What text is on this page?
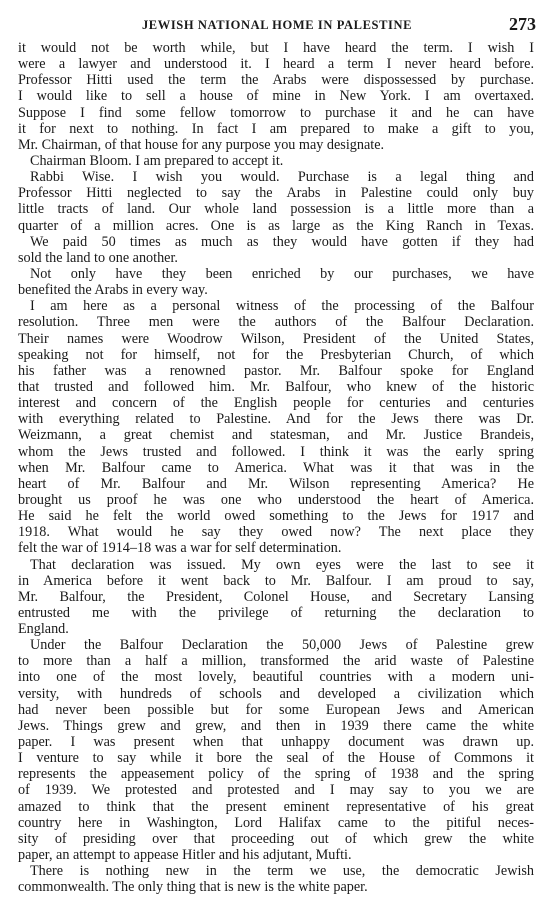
JEWISH NATIONAL HOME IN PALESTINE	273
it would not be worth while, but I have heard the term. I wish I
were a lawyer and understood it. I heard a term I never heard before.
Professor Hitti used the term the Arabs were dispossessed by purchase.
I would like to sell a house of mine in New York. I am overtaxed.
Suppose I find some fellow tomorrow to purchase it and he can have
it for next to nothing. In fact I am prepared to make a gift to you,
Mr. Chairman, of that house for any purpose you may designate.
Chairman Bloom. I am prepared to accept it.
Rabbi Wise. I wish you would. Purchase is a legal thing and
Professor Hitti neglected to say the Arabs in Palestine could only buy
little tracts of land. Our whole land possession is a little more than a
quarter of a million acres. One is as large as the King Ranch in Texas.
We paid 50 times as much as they would have gotten if they had
sold the land to one another.
Not only have they been enriched by our purchases, we have
benefited the Arabs in every way.
I am here as a personal witness of the processing of the Balfour
resolution. Three men were the authors of the Balfour Declaration.
Their names were Woodrow Wilson, President of the United States,
speaking not for himself, not for the Presbyterian Church, of which
his father was a renowned pastor. Mr. Balfour spoke for England
that trusted and followed him. Mr. Balfour, who knew of the historic
interest and concern of the English people for centuries and centuries
with everything related to Palestine. And for the Jews there was Dr.
Weizmann, a great chemist and statesman, and Mr. Justice Brandeis,
whom the Jews trusted and followed. I think it was the early spring
when Mr. Balfour came to America. What was it that was in the
heart of Mr. Balfour and Mr. Wilson representing America? He
brought us proof he was one who understood the heart of America.
He said he felt the world owed something to the Jews for 1917 and
1918. What would he say they owed now? The next place they
felt the war of 1914–18 was a war for self determination.
That declaration was issued. My own eyes were the last to see it
in America before it went back to Mr. Balfour. I am proud to say,
Mr. Balfour, the President, Colonel House, and Secretary Lansing
entrusted me with the privilege of returning the declaration to
England.
Under the Balfour Declaration the 50,000 Jews of Palestine grew
to more than a half a million, transformed the arid waste of Palestine
into one of the most lovely, beautiful countries with a modern uni-
versity, with hundreds of schools and developed a civilization which
had never been possible but for some European Jews and American
Jews. Things grew and grew, and then in 1939 there came the white
paper. I was present when that unhappy document was drawn up.
I venture to say while it bore the seal of the House of Commons it
represents the appeasement policy of the spring of 1938 and the spring
of 1939. We protested and protested and I may say to you we are
amazed to think that the present eminent representative of his great
country here in Washington, Lord Halifax came to the pitiful neces-
sity of presiding over that proceeding out of which grew the white
paper, an attempt to appease Hitler and his adjutant, Mufti.
There is nothing new in the term we use, the democratic Jewish
commonwealth. The only thing that is new is the white paper.
